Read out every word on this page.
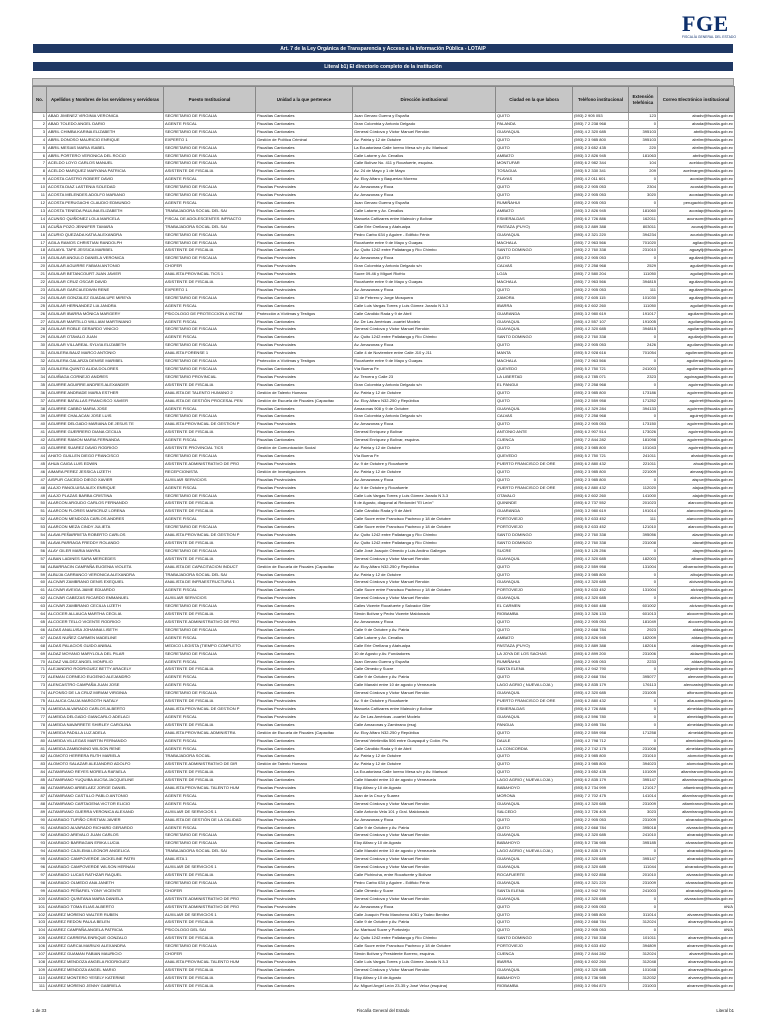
FGE
FISCALÍA GENERAL DEL ESTADO
Art. 7 de la Ley Orgánica de Transparencia y Acceso a la Información Pública - LOTAIP
Literal b1) El directorio completo de la institución
No.	Apellidos y Nombres de los servidores y servidoras	Puesto Institucional	Unidad a la que pertenece	Dirección institucional	Ciudad en la que labora	Teléfono institucional	Extensión telefónica	Correo Electrónico institucional
1	ABAD JIMENEZ VIRGINIA VERONICA	SECRETARIO DE FISCALIA	Fiscalías Cantonales	Juan Genaro Guerra y España	QUITO	(593) 2 905 053	123	abadv@fiscalia.gob.ec
2	ABAD TOLEDO ANGEL DARIO	AGENTE FISCAL	Fiscalías Cantonales	Gran Colombia y Antonio Delgado	PALANDA	(593) 7 2 238 968	0	abada@fiscalia.gob.ec
3	ABRIL CHIMBA KARINA ELIZABETH	SECRETARIO DE FISCALIA	Fiscalías Cantonales	General Córdova y Víctor Manuel Rendón	GUAYAQUIL	(593) 4 2 320 685	395103	abrilk@fiscalia.gob.ec
4	ABRIL DONOSO MAURICIO ENRIQUE	EXPERTO 1	Gestión de Política Criminal	Av. Patria y 12 de Octubre	QUITO	(593) 2 3 985 800	395103	abrilm@fiscalia.gob.ec
5	ABRIL MESIAS MARIA ISABEL	SECRETARIO DE FISCALIA	Fiscalías Cantonales	La Ecuatoriana Calle Ioreno Mesa s/n y Av. Mariscal	QUITO	(593) 2 3 652 435	220	abrilm@fiscalia.gob.ec
6	ABRIL PORTERO VERONICA DEL ROCIO	SECRETARIO DE FISCALIA	Fiscalías Cantonales	Calle Latorre y Av. Cevallos	AMBATO	(593) 3 2 826 945	181063	abrilw@fiscalia.gob.ec
7	ACELDO LOYO CARLOS MANUEL	SECRETARIO DE FISCALIA	Fiscalías Cantonales	Calle Bolívar No. 411 y Rocafuerte, esquina.	MONTUFAR	(593) 6 2 982 344	104	aceldoc@fiscalia.gob.ec
8	ACELDO MARQUEZ MARYANA PATRICIA	ASISTENTE DE FISCALIA	Fiscalías Cantonales	Av. 24 de Mayo y 1 de Mayo	TOSAGUA	(593) 5 2 330 341	209	acelmargm@fiscalia.gob.ec
9	ACOSTA CASTRO ROBERT DAVID	AGENTE FISCAL	Fiscalías Cantonales	Av. Eloy Alfaro y Baquerizo Moreno	PLAYAS	(593) 4 2 011 601	0	acostar@fiscalia.gob.ec
10	ACOSTA DIAZ LASTENIA SOLEDAD	SECRETARIO DE FISCALIA	Fiscalías Provinciales	Av. Amazonas y Roca	QUITO	(593) 2 2 905 053	2304	acostal@fiscalia.gob.ec
11	ACOSTA MELENDES ADOLFO MARIANO	SECRETARIO DE FISCALIA	Fiscalías Provinciales	Av. Amazonas y Roca	QUITO	(593) 2 2 905 053	3020	acostaa@fiscalia.gob.ec
12	ACOSTA PERUGACHI CLAUDIO EDMUNDO	AGENTE FISCAL	Fiscalías Cantonales	Juan Genaro Guerra y España	RUMIÑAHUI	(593) 2 2 905 053	0	perugachic@fiscalia.gob.ec
13	ACOSTA TENEDA PAULINA ELIZABETH	TRABAJADORA SOCIAL DEL SAI	Fiscalías Cantonales	Calle Latorre y Av. Cevallos	AMBATO	(593) 3 2 826 945	181060	acostap@fiscalia.gob.ec
14	ACUNSO QUIÑONEZ LOLA MARCELA	FISCAL DE ADOLESCENTES INFRACTO	Fiscalías Cantonales	Manuela Cañizares entre Malecón y Bolívar	ESMERALDAS	(593) 6 2 726 886	162011	acunsom@fiscalia.gob.ec
15	ACUÑA POZO JENNIFER TAMARA	TRABAJADORA SOCIAL DEL SAI	Fiscalías Cantonales	Calle Erie Orellana y Atahualpa	PASTAZA (PUYO)	(593) 3 2 889 388	803011	acunaj@fiscalia.gob.ec
16	ACURIO QUEZADA KATIA ALEXANDRA	SECRETARIO DE FISCALIA	Fiscalías Cantonales	Pedro Carbo 634 y Aguirre - Edificio Fénix	GUAYAQUIL	(593) 4 2 321 220	394234	acuriok@fiscalia.gob.ec
17	AGILA RAMOS CHRISTIAN RANDOLPH	SECRETARIO DE FISCALIA	Fiscalías Cantonales	Rocafuerte entre 9 de Mayo y Guayas	MACHALA	(593) 7 2 963 566	701020	agilac@fiscalia.gob.ec
18	AGUAYIL TAPE JESSICA MARIBEL	ASISTENTE DE FISCALIA	Fiscalías Cantonales	Av. Quito 1242 entre Pallatanga y Río Chimbo	SANTO DOMINGO	(593) 2 2 760 338	231010	aguayilj@fiscalia.gob.ec
19	AGUILAR ANGULO DANIELA VERONICA	SECRETARIO DE FISCALIA	Fiscalías Provinciales	Av. Amazonas y Roca	QUITO	(593) 2 2 905 053	0	aguilard@fiscalia.gob.ec
20	AGUILAR AGUIRRE FABIAN ANTONIO	CHOFER	Fiscalías Provinciales	Gran Colombia y Antonio Delgado s/n	CALVAS	(593) 7 2 258 968	2529	aguilarf@fiscalia.gob.ec
21	AGUILAR BETANCOURT JUAN JAVIER	ANALISTA PROVINCIAL TICS 1	Fiscalías Provinciales	Sucre 09-46 y Miguel Riofrío	LOJA	(593) 7 2 580 204	111050	aguilarj@fiscalia.gob.ec
22	AGUILAR CRUZ OSCAR DAVID	ASISTENTE DE FISCALIA	Fiscalías Cantonales	Rocafuerte entre 9 de Mayo y Guayas	MACHALA	(593) 7 2 963 566	394815	aguilaro@fiscalia.gob.ec
23	AGUILAR GARCIA EDWIN RENE	EXPERTO 1	Fiscalías Provinciales	Av. Amazonas y Roca	QUITO	(593) 2 2 905 053	111	aguilare@fiscalia.gob.ec
24	AGUILAR GONZALEZ GUADALUPE MIREYA	SECRETARIO DE FISCALIA	Fiscalías Cantonales	12 de Febrero y Jorge Mosquera	ZAMORA	(593) 7 2 605 115	101030	aguilarg@fiscalia.gob.ec
25	AGUILAR HERNANDEZ LIA JANDRA	AGENTE FISCAL	Fiscalías Cantonales	Calle Luis Vargas Torres y Luis Gómez Jurado N 3-3	IBARRA	(593) 6 2 602 260	111050	aguilarl@fiscalia.gob.ec
26	AGUILAR IBARRA MÓNICA MARGERY	PSICOLOGO DE PROTECCION A VICTIM	Protección a Víctimas y Testigos	Calle Cándido Rada y 9 de Abril	GUARANDA	(593) 3 2 980 619	191017	aguilarm@fiscalia.gob.ec
27	AGUILAR MARTILLO WILLIAM MARTINIANO	AGENTE FISCAL	Fiscalías Cantonales	Av. De Las Américas -cuartel Modelo	GUAYAQUIL	(593) 4 2 557 107	191005	aguilarw@fiscalia.gob.ec
28	AGUILAR ROBLE GERARDO VINICIO	SECRETARIO DE FISCALIA	Fiscalías Provinciales	General Córdova y Víctor Manuel Rendón	GUAYAQUIL	(593) 4 2 320 685	394815	aguilarrg@fiscalia.gob.ec
29	AGUILAR OTAVALO JUAN	AGENTE FISCAL	Fiscalías Cantonales	Av. Quito 1242 entre Pallatanga y Río Chimbo	SANTO DOMINGO	(593) 2 2 760 338	0	aguilarjo@fiscalia.gob.ec
30	AGUILAR VILLAREAL SYLVIA ELIZABETH	SECRETARIO DE FISCALIA	Fiscalías Provinciales	Av. Amazonas y Roca	QUITO	(593) 2 2 905 053	2426	aguilarvs@fiscalia.gob.ec
31	AGUILERA BAUZ MARCO ANTONIO	ANALISTA FORENSE 1	Fiscalías Provinciales	Calle 4 de Noviembre entre Calle J10 y J11	MANTA	(593) 5 2 928 616	701054	aguileram@fiscalia.gob.ec
32	AGUILERA GALARZA DENISE MARIBEL	SECRETARIO DE FISCALIA	Protección a Víctimas y Testigos	Rocafuerte entre 9 de Mayo y Guayas	MACHALA	(593) 7 2 963 566	0	aguilerad@fiscalia.gob.ec
33	AGUILERA QUINTO ALIDA DOLORES	SECRETARIO DE FISCALIA	Fiscalías Cantonales	Vía Buena Fe	QUEVEDO	(593) 5 2 750 721	241003	aguileraa@fiscalia.gob.ec
34	AGUIÑAGA CORNEJO ANDRES	SECRETARIO PROVINCIAL	Fiscalías Provinciales	Av. Tercera y Calle 23	LA LIBERTAD	(593) 4 2 785 071	2323	aguinagaa@fiscalia.gob.ec
35	AGUIRRE AGUIRRE ANDRES ALEXANDER	ASISTENTE DE FISCALIA	Fiscalías Cantonales	Gran Colombia y Antonio Delgado s/n	EL PANGUI	(593) 7 2 258 968	0	aguirrea@fiscalia.gob.ec
36	AGUIRRE ANDRADE MARIA ESTHER	ANALISTA DE TALENTO HUMANO 2	Gestión de Talento Humano	Av. Patria y 12 de Octubre	QUITO	(593) 2 3 985 800	173186	aguirrem@fiscalia.gob.ec
37	AGUIRRE BATALLAS FRANCISCO XAVIER	ANALISTA DE GESTIÓN PROCESAL PEN	Gestión de Escuela de Fiscales (Capacitac	Av. Eloy Alfaro N32-250 y República	QUITO	(593) 2 2 559 958	171252	aguirref@fiscalia.gob.ec
38	AGUIRRE CABBO MARIA JOSE	AGENTE FISCAL	Fiscalías Cantonales	Amazonas 908 y 9 de Octubre	GUAYAQUIL	(593) 4 2 329 284	394133	aguirrem@fiscalia.gob.ec
39	AGUIRRE CHALACAN JOSE LUIS	SECRETARIO DE FISCALIA	Fiscalías Cantonales	Gran Colombia y Antonio Delgado s/n	CALVAS	(593) 7 2 258 968	0	aguirrej@fiscalia.gob.ec
40	AGUIRRE DELGADO MARIANA DE JESUS TE	ANALISTA PROVINCIAL DE GESTION P	Fiscalías Provinciales	Av. Amazonas y Roca	QUITO	(593) 2 2 905 053	173150	aguirrem@fiscalia.gob.ec
41	AGUIRRE GUERRERO DIANA CECILIA	ASISTENTE DE FISCALIA	Fiscalías Cantonales	General Enríquez y Bolívar	ANTONIO ANTE	(593) 6 2 907 514	173026	aguirred@fiscalia.gob.ec
42	AGUIRRE RAMON MARIA FERNANDA	AGENTE FISCAL	Fiscalías Cantonales	General Enríquez y Bolívar, esquina.	CUENCA	(593) 7 2 844 282	181098	aguirrem@fiscalia.gob.ec
43	AGUIRRE SUAREZ DAVID RODRIGO	ASISTENTE PROVINCIAL TICS	Gestión de Comunicación Social	Av. Patria y 12 de Octubre	QUITO	(593) 2 3 985 800	101043	aguirred@fiscalia.gob.ec
44	AHATO GUILLEN DIEGO FRANCISCO	SECRETARIO DE FISCALIA	Fiscalías Cantonales	Vía Buena Fe	QUEVEDO	(593) 5 2 750 721	241011	ahatod@fiscalia.gob.ec
45	AHUA CAIGA LUIS EDWIN	ASISTENTE ADMINISTRATIVO DE PRO	Fiscalías Provinciales	Av. 9 de Octubre y Rocafuerte	PUERTO FRANCISCO DE ORE	(593) 6 2 880 432	221011	ahual@fiscalia.gob.ec
46	AIMARA PEREZ JESSICA LIZETH	RECEPCIONISTA	Gestión de Investigaciones	Av. Patria y 12 de Octubre	QUITO	(593) 2 3 985 800	221009	aimaraj@fiscalia.gob.ec
47	AISPUR CAICEDO DIEGO XAVIER	AUXILIAR SERVICIOS	Fiscalías Provinciales	Av. Amazonas y Roca	QUITO	(593) 2 3 985 800	0	aispur@fiscalia.gob.ec
48	ALAJO PANOLUISA ALEX ENRIQUE	AGENTE FISCAL	Fiscalías Provinciales	Av. 9 de Octubre y Rocafuerte	PUERTO FRANCISCO DE ORE	(593) 6 2 880 432	112020	alajoa@fiscalia.gob.ec
49	ALAJO PLAZAS BARBA CRISTINA	SECRETARIO DE FISCALIA	Fiscalías Cantonales	Calle Luis Vargas Torres y Luis Gómez Jurado N 3-3	OTAVALO	(593) 6 2 602 260	141000	alajob@fiscalia.gob.ec
50	ALARCON ARGUDO CARLOS FERNANDO	ASISTENTE DE FISCALIA	Fiscalías Cantonales	5 de Agosto, diagonal al Redondel "El León"	QUININDE	(593) 6 2 737 552	201023	alarconc@fiscalia.gob.ec
51	ALARCON FLORES MARICRUZ LORENA	ASISTENTE DE FISCALIA	Fiscalías Cantonales	Calle Cándido Rada y 9 de Abril	GUARANDA	(593) 3 2 980 619	191014	alarconm@fiscalia.gob.ec
52	ALARCON MENDOZA CARLOS ANDRES	AGENTE FISCAL	Fiscalías Cantonales	Calle Sucre entre Francisco Pacheco y 18 de Octubre	PORTOVIEJO	(593) 5 2 633 452	111	alarconm@fiscalia.gob.ec
53	ALARCON MEZA CINDY JULIETA	SECRETARIO DE FISCALIA	Fiscalías Cantonales	Calle Sucre entre Francisco Pacheco y 18 de Octubre	PORTOVIEJO	(593) 5 2 633 452	121010	alarconc@fiscalia.gob.ec
54	ALAVA PEÑARRIETA ROBERTO CARLOS	ANALISTA PROVINCIAL DE GESTION P	Fiscalías Provinciales	Av. Quito 1242 entre Pallatanga y Río Chimbo	SANTO DOMINGO	(593) 2 2 760 338	395056	alavar@fiscalia.gob.ec
55	ALAVA PARRAGA FREDDY ROLANDO	ASISTENTE DE FISCALIA	Fiscalías Cantonales	Av. Quito 1242 entre Pallatanga y Río Chimbo	SANTO DOMINGO	(593) 2 2 760 338	231008	alavaf@fiscalia.gob.ec
56	ALAY GILER MARIA MAYRA	SECRETARIO DE FISCALIA	Fiscalías Cantonales	Calle José Joaquín Olmedo y Luis Andino Gallegos	SUCRE	(593) 5 2 125 256	0	alaym@fiscalia.gob.ec
57	ALBAN LADINES SARA MERCEDES	ASISTENTE DE FISCALIA	Fiscalías Cantonales	General Córdova y Víctor Manuel Rendón	GUAYAQUIL	(593) 4 2 320 685	182003	albans@fiscalia.gob.ec
58	ALBARRACIN CAMPAÑA EUGENIA VIOLETA	ANALISTA DE CAPACITACION INDUCT	Gestión de Escuela de Fiscales (Capacitac	Av. Eloy Alfaro N32-250 y República	QUITO	(593) 2 2 559 958	131004	albarracine@fiscalia.gob.ec
59	ALBUJA CARRANCO VERONICA ALEXANDRA	TRABAJADORA SOCIAL DEL SAI	Fiscalías Cantonales	Av. Patria y 12 de Octubre	QUITO	(593) 2 3 985 800	0	albujav@fiscalia.gob.ec
60	ALCIVAR ZAMBRANO DENIS EXEQUIEL	ANALISTA DE INFRAESTRUCTURA 1	Fiscalías Provinciales	General Córdova y Víctor Manuel Rendón	GUAYAQUIL	(593) 4 2 320 685	0	alcivard@fiscalia.gob.ec
61	ALCIVAR AVEIGA JAIME EDUARDO	AGENTE FISCAL	Fiscalías Cantonales	Calle Sucre entre Francisco Pacheco y 18 de Octubre	PORTOVIEJO	(593) 5 2 633 452	131004	alcivarj@fiscalia.gob.ec
62	ALCIVAR CABEZAS RICARDO EMMANUEL	AUXILIAR SERVICIOS	Fiscalías Provinciales	General Córdova y Víctor Manuel Rendón	GUAYAQUIL	(593) 4 2 320 685	0	alcivarr@fiscalia.gob.ec
63	ALCIVAR ZAMBRANO CECILIA LIZETH	SECRETARIO DE FISCALIA	Fiscalías Cantonales	Calles Vicente Rocafuerte y Salvador Giler	EL CARMEN	(593) 5 2 660 488	601002	alcivarc@fiscalia.gob.ec
64	ALCOCER ALLAUCA MARTHA CECILIA	ASISTENTE DE FISCALIA	Fiscalías Cantonales	Simón Bolívar y Pedro Vicente Maldonado	RIOBAMBA	(593) 3 2 326 133	601013	alcocerm@fiscalia.gob.ec
65	ALCOCER TELLO VICENTE RODRIGO	ASISTENTE ADMINISTRATIVO DE PRO	Fiscalías Provinciales	Av. Amazonas y Roca	QUITO	(593) 2 2 905 053	181049	alcocerv@fiscalia.gob.ec
66	ALDAS ANALUISA JOHANNA LISETH	SECRETARIO DE FISCALIA	Fiscalías Cantonales	Calle 9 de Octubre y Av. Patria	QUITO	(593) 2 2 668 784	2923	aldasj@fiscalia.gob.ec
67	ALDAS NUÑEZ CARMEN MADELINE	AGENTE FISCAL	Fiscalías Cantonales	Calle Latorre y Av. Cevallos	AMBATO	(593) 3 2 826 945	182009	aldasc@fiscalia.gob.ec
68	ALDAS PALACIOS GUIDO ANIBAL	MEDICO LEGISTA (TIEMPO COMPLETO	Fiscalías Cantonales	Calle Erie Orellana y Atahualpa	PASTAZA (PUYO)	(593) 3 2 889 388	182016	aldasg@fiscalia.gob.ec
69	ALDAZ MOYANO MARYLOLA DEL PILAR	SECRETARIO DE FISCALIA	Fiscalías Cantonales	10 de Agosto y Av. Fundadores	LA JOYA DE LOS SACHAS	(593) 6 2 899 200	231006	aldazm@fiscalia.gob.ec
70	ALDAZ VALDEZ ANGEL MONFILIO	AGENTE FISCAL	Fiscalías Cantonales	Juan Genaro Guerra y España	RUMIÑAHUI	(593) 2 2 905 053	2233	aldazv@fiscalia.gob.ec
71	ALEJANDRO RODRIGUEZ BETTY ARACELY	ASISTENTE DE FISCALIA	Fiscalías Cantonales	Calle Olmedo y Sucre	SANTA ELENA	(593) 4 2 942 790	0	alejandrob@fiscalia.gob.ec
72	ALEMAN CORNEJO EUGENIO ALEJANDRO	AGENTE FISCAL	Fiscalías Cantonales	Calle 9 de Octubre y Av. Patria	QUITO	(593) 2 2 668 784	395077	alemane@fiscalia.gob.ec
73	ALENCASTRO CAMPAÑA JUAN JOSE	AGENTE FISCAL	Fiscalías Cantonales	Calle Manabí entre 10 de agosto y Venezuela	LAGO AGRIO ( NUEVA LOJA )	(593) 6 2 835 179	176113	alencastroj@fiscalia.gob.ec
74	ALFONSO DE LA CRUZ MIRIAM VIRGINIA	SECRETARIO DE FISCALIA	Fiscalías Cantonales	General Córdova y Víctor Manuel Rendón	GUAYAQUIL	(593) 4 2 320 685	231005	alfonsom@fiscalia.gob.ec
75	ALLAUCA CAUJA MARGOTH NATALY	ASISTENTE DE FISCALIA	Fiscalías Provinciales	Av. 9 de Octubre y Rocafuerte	PUERTO FRANCISCO DE ORE	(593) 6 2 880 432	0	allaucam@fiscalia.gob.ec
76	ALMEIDA ALVARADO CARLOS ALBERTO	ANALISTA PROVINCIAL DE GESTION P	Fiscalías Provinciales	Manuela Cañizares entre Malecón y Bolívar	ESMERALDAS	(593) 6 2 726 886	0	almeidac@fiscalia.gob.ec
77	ALMEIDA DELGADO GIANCARLO ADELACI	AGENTE FISCAL	Fiscalías Provinciales	Av. De Las Américas -cuartel Modelo	GUAYAQUIL	(593) 4 2 596 780	0	almeidag@fiscalia.gob.ec
78	ALMEIDA NAVARRETE SHIRLEY CAROLINA	ASISTENTE DE FISCALIA	Fiscalías Cantonales	Calle Amazonas y Zambrano (esq)	PANGUA	(593) 3 2 695 784	0	almeidas@fiscalia.gob.ec
79	ALMEIDA PADILLA LUZ ADELA	ANALISTA PROVINCIAL ADMINISTRA	Gestión de Escuela de Fiscales (Capacitac	Av. Eloy Alfaro N32-250 y República	QUITO	(593) 2 2 559 958	171258	almeidal@fiscalia.gob.ec
80	ALMEIDA VILLEGAS MARTIN FERNANDO	AGENTE FISCAL	Fiscalías Cantonales	General Veintimilla 506 entre Guayaquil y Colón. Pis	DAULE	(593) 4 2 798 712	0	almeidam@fiscalia.gob.ec
81	ALMEIDA ZAMBONINO WILSON RENE	AGENTE FISCAL	Fiscalías Cantonales	Calle Cándido Rada y 9 de Abril	LA CONCORDIA	(593) 2 2 742 175	231008	almeidaw@fiscalia.gob.ec
82	ALOMOTO HERRERA RUTH MARIELA	TRABAJADORA SOCIAL	Fiscalías Cantonales	Av. Patria y 12 de Octubre	QUITO	(593) 2 3 985 800	231010	alomotor@fiscalia.gob.ec
83	ALOMOTO SALAZAR ALEJANDRO ADOLFO	ASISTENTE ADMINISTRATIVO DE DIR	Gestión de Talento Humano	Av. Patria y 12 de Octubre	QUITO	(593) 2 3 985 800	394023	alomotoa@fiscalia.gob.ec
84	ALTAMIRANO REYES MORELA RAFAELA	ASISTENTE DE FISCALIA	Fiscalías Cantonales	La Ecuatoriana Calle Ioreno Mesa s/n y Av. Mariscal	QUITO	(593) 2 3 652 435	101009	altamiranom@fiscalia.gob.ec
85	ALTAMIRANO YUQUIBA AUCSA JACQUELINE	ASISTENTE DE FISCALIA	Fiscalías Cantonales	Calle Manabí entre 10 de agosto y Venezuela	LAGO AGRIO ( NUEVA LOJA )	(593) 6 2 835 179	395147	altamiranoa@fiscalia.gob.ec
86	ALTAMIRANO ARBELAEZ JORGE DANIEL	ANALISTA PROVINCIAL TALENTO HUM	Fiscalías Provinciales	Eloy Alfaro y 10 de Agosto	BABAHOYO	(593) 5 2 734 999	121017	altamiranoj@fiscalia.gob.ec
87	ALTAMIRANO CASTILLO PABLO ANTONIO	AGENTE FISCAL	Fiscalías Cantonales	Juan de la Cruz y Suarez	MORONA	(593) 7 2 702 475	141014	altamiranop@fiscalia.gob.ec
88	ALTAMIRANO CARTAGENA VICTOR ELICIO	AGENTE FISCAL	Fiscalías Cantonales	General Córdova y Víctor Manuel Rendón	GUAYAQUIL	(593) 4 2 320 685	231009	altamiranov@fiscalia.gob.ec
89	ALTAMIRANO GUERRA VERONICA ALEXAND	AUXILIAR DE SERVICIOS 1	Fiscalías Cantonales	Calle Antonio Vela 101 y Gral. Maldonado	SALCEDO	(593) 3 2 726 405	3023	altamiranog@fiscalia.gob.ec
90	ALVARADO TUFIÑO CRISTIAN JAVIER	ANALISTA DE GESTIÓN DE LA CALIDAD	Fiscalías Provinciales	Av. Amazonas y Roca	QUITO	(593) 2 2 905 053	231009	alvaradoc@fiscalia.gob.ec
91	ALVARADO ALVARADO RICHARD GERARDO	AGENTE FISCAL	Fiscalías Cantonales	Calle 9 de Octubre y Av. Patria	QUITO	(593) 2 2 668 784	395018	alvarador@fiscalia.gob.ec
92	ALVARADO AREVALO JUAN CARLOS	SECRETARIO DE FISCALIA	Fiscalías Cantonales	General Córdova y Víctor Manuel Rendón	GUAYAQUIL	(593) 4 2 320 685	241010	alvaradoj@fiscalia.gob.ec
93	ALVARADO BARRAGAN ERIKA LUCIA	SECRETARIO DE FISCALIA	Fiscalías Cantonales	Eloy Alfaro y 10 de Agosto	BABAHOYO	(593) 5 2 736 985	395185	alvaradoe@fiscalia.gob.ec
94	ALVARADO CAJILEMA LEONOR ANGELICA	TRABAJADORA SOCIAL DEL SAI	Fiscalías Cantonales	Calle Manabí entre 10 de agosto y Venezuela	LAGO AGRIO ( NUEVA LOJA )	(593) 6 2 835 179	0	alvaradol@fiscalia.gob.ec
95	ALVARADO CAMPOVERDE JACKELINE PATRI	ANALISTA 1	Fiscalías Cantonales	General Córdova y Víctor Manuel Rendón	GUAYAQUIL	(593) 4 2 320 685	395147	alvaradoj@fiscalia.gob.ec
96	ALVARADO CAMPOVERDE WILSON HERNAN	AUXILIAR DE SERVICIOS 1	Fiscalías Cantonales	General Córdova y Víctor Manuel Rendón	GUAYAQUIL	(593) 4 2 320 685	111044	alvaradow@fiscalia.gob.ec
97	ALVARADO LUCAS RATHZAR RAQUEL	ASISTENTE DE FISCALIA	Fiscalías Cantonales	Calle Pichincha, entre Rocafuerte y Bolívar	ROCAFUERTE	(593) 5 2 922 858	201010	alvarador@fiscalia.gob.ec
98	ALVARADO OLMEDO ANA JANETH	SECRETARIO DE FISCALIA	Fiscalías Cantonales	Pedro Carbo 634 y Aguirre - Edificio Fénix	GUAYAQUIL	(593) 4 2 321 220	231009	alvaradoa@fiscalia.gob.ec
99	ALVARADO PEÑAFIEL YONY VICENTE	CHOFER	Fiscalías Cantonales	Calle Olmedo y Sucre	SANTA ELENA	(593) 4 2 942 790	241003	alvaradoy@fiscalia.gob.ec
100	ALVARADO QUINTANA MARIA DANIELA	ASISTENTE ADMINISTRATIVO DE PRO	Fiscalías Provinciales	General Córdova y Víctor Manuel Rendón	GUAYAQUIL	(593) 4 2 320 685	0	alvaradom@fiscalia.gob.ec
101	ALVARADO TOMA ELIAS ALBERTO	ASISTENTE ADMINISTRATIVO DE PRO	Fiscalías Provinciales	Av. Amazonas y Roca	QUITO	(593) 2 2 905 053	0	#N/A
102	ALVAREZ MORENO WALTER RUBEN	AUXILIAR DE SERVICIOS 1	Fiscalías Cantonales	Calle Joaquín Pinto Mancheno 4061 y Tadeo Benítez	QUITO	(593) 2 3 985 800	311014	alvarezw@fiscalia.gob.ec
103	ALVAREZ REDON PAULA BELEN	ASISTENTE DE FISCALIA	Fiscalías Cantonales	Calle 9 de Octubre y Av. Patria	QUITO	(593) 2 2 668 784	312024	alvarezp@fiscalia.gob.ec
104	ALVAREZ CAMPAÑA ANGELA PATRICIA	PSICOLOGO DEL SAI	Fiscalías Cantonales	Av. Mariscal Sucre y Portoviejo	QUITO	(593) 2 2 905 053	0	#N/A
105	ALVAREZ CARRERA ENRIQUE GONZALO	ASISTENTE DE FISCALIA	Fiscalías Cantonales	Av. Quito 1242 entre Pallatanga y Río Chimbo	SANTO DOMINGO	(593) 2 2 760 338	101011	alvareze@fiscalia.gob.ec
106	ALVAREZ GARCIA MARIUXI ALEXANDRA	SECRETARIO DE FISCALIA	Fiscalías Cantonales	Calle Sucre entre Francisco Pacheco y 18 de Octubre	PORTOVIEJO	(593) 5 2 633 452	394809	alvarezm@fiscalia.gob.ec
107	ALVAREZ GUAMAN FABIAN MAURICIO	CHOFER	Fiscalías Cantonales	Simón Bolívar y Presidente Borrero, esquina.	CUENCA	(593) 7 2 844 282	312024	alvarezf@fiscalia.gob.ec
108	ALVAREZ MENDOZA ANGELA RODRIGUEZ	ANALISTA PROVINCIAL TALENTO HUM	Fiscalías Provinciales	Calle Luis Vargas Torres y Luis Gómez Jurado N 3-3	IBARRA	(593) 6 2 602 260	312048	alvareza@fiscalia.gob.ec
109	ALVAREZ MENDOZA ANGEL MARIO	ASISTENTE DE FISCALIA	Fiscalías Cantonales	General Córdova y Víctor Manuel Rendón	GUAYAQUIL	(593) 4 2 320 685	101048	alvareza@fiscalia.gob.ec
110	ALVAREZ MONTERO YESELY KATERINE	ASISTENTE DE FISCALIA	Fiscalías Cantonales	Eloy Alfaro y 10 de Agosto	BABAHOYO	(593) 5 2 736 985	312032	alvarezy@fiscalia.gob.ec
111	ALVAREZ MORENO JENNY GABRIELA	ASISTENTE DE FISCALIA	Fiscalías Cantonales	Av. Miguel Angel León 23-35 y José Veloz (esquina)	RIOBAMBA	(593) 3 2 954 870	231003	alvarezm@fiscalia.gob.ec
1 de 33	Fiscalía General del Estado	Literal b1
